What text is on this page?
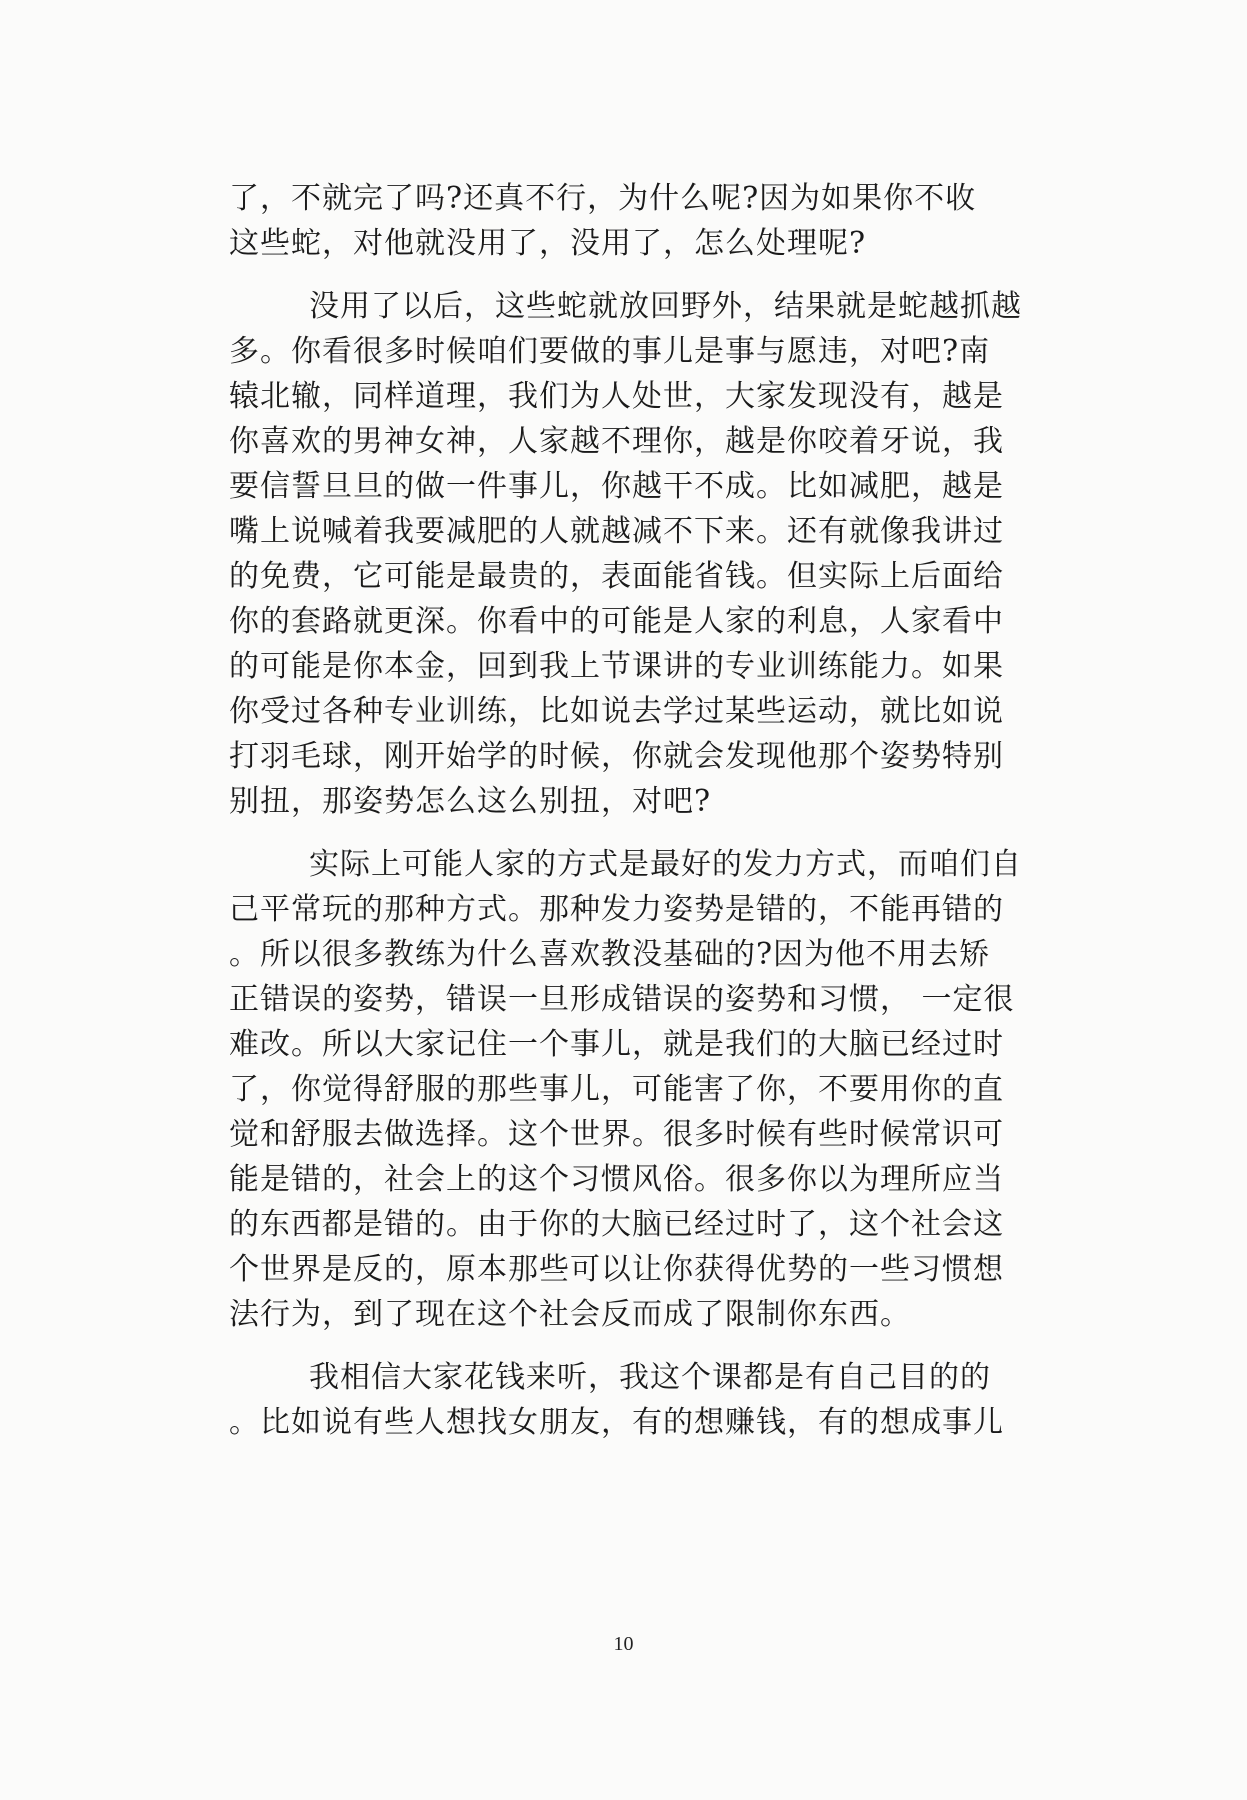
了，不就完了吗?还真不行，为什么呢?因为如果你不收
这些蛇，对他就没用了，没用了，怎么处理呢?
没用了以后，这些蛇就放回野外，结果就是蛇越抓越
多。你看很多时候咱们要做的事儿是事与愿违，对吧?南
辕北辙，同样道理，我们为人处世，大家发现没有，越是
你喜欢的男神女神，人家越不理你，越是你咬着牙说，我
要信誓旦旦的做一件事儿，你越干不成。比如减肥，越是
嘴上说喊着我要减肥的人就越减不下来。还有就像我讲过
的免费，它可能是最贵的，表面能省钱。但实际上后面给
你的套路就更深。你看中的可能是人家的利息，人家看中
的可能是你本金，回到我上节课讲的专业训练能力。如果
你受过各种专业训练，比如说去学过某些运动，就比如说
打羽毛球，刚开始学的时候，你就会发现他那个姿势特别
别扭，那姿势怎么这么别扭，对吧?
实际上可能人家的方式是最好的发力方式，而咱们自
己平常玩的那种方式。那种发力姿势是错的，不能再错的
。所以很多教练为什么喜欢教没基础的?因为他不用去矫
正错误的姿势，错误一旦形成错误的姿势和习惯， 一定很
难改。所以大家记住一个事儿，就是我们的大脑已经过时
了，你觉得舒服的那些事儿，可能害了你，不要用你的直
觉和舒服去做选择。这个世界。很多时候有些时候常识可
能是错的，社会上的这个习惯风俗。很多你以为理所应当
的东西都是错的。由于你的大脑已经过时了，这个社会这
个世界是反的，原本那些可以让你获得优势的一些习惯想
法行为，到了现在这个社会反而成了限制你东西。
我相信大家花钱来听，我这个课都是有自己目的的
。比如说有些人想找女朋友，有的想赚钱，有的想成事儿
10
